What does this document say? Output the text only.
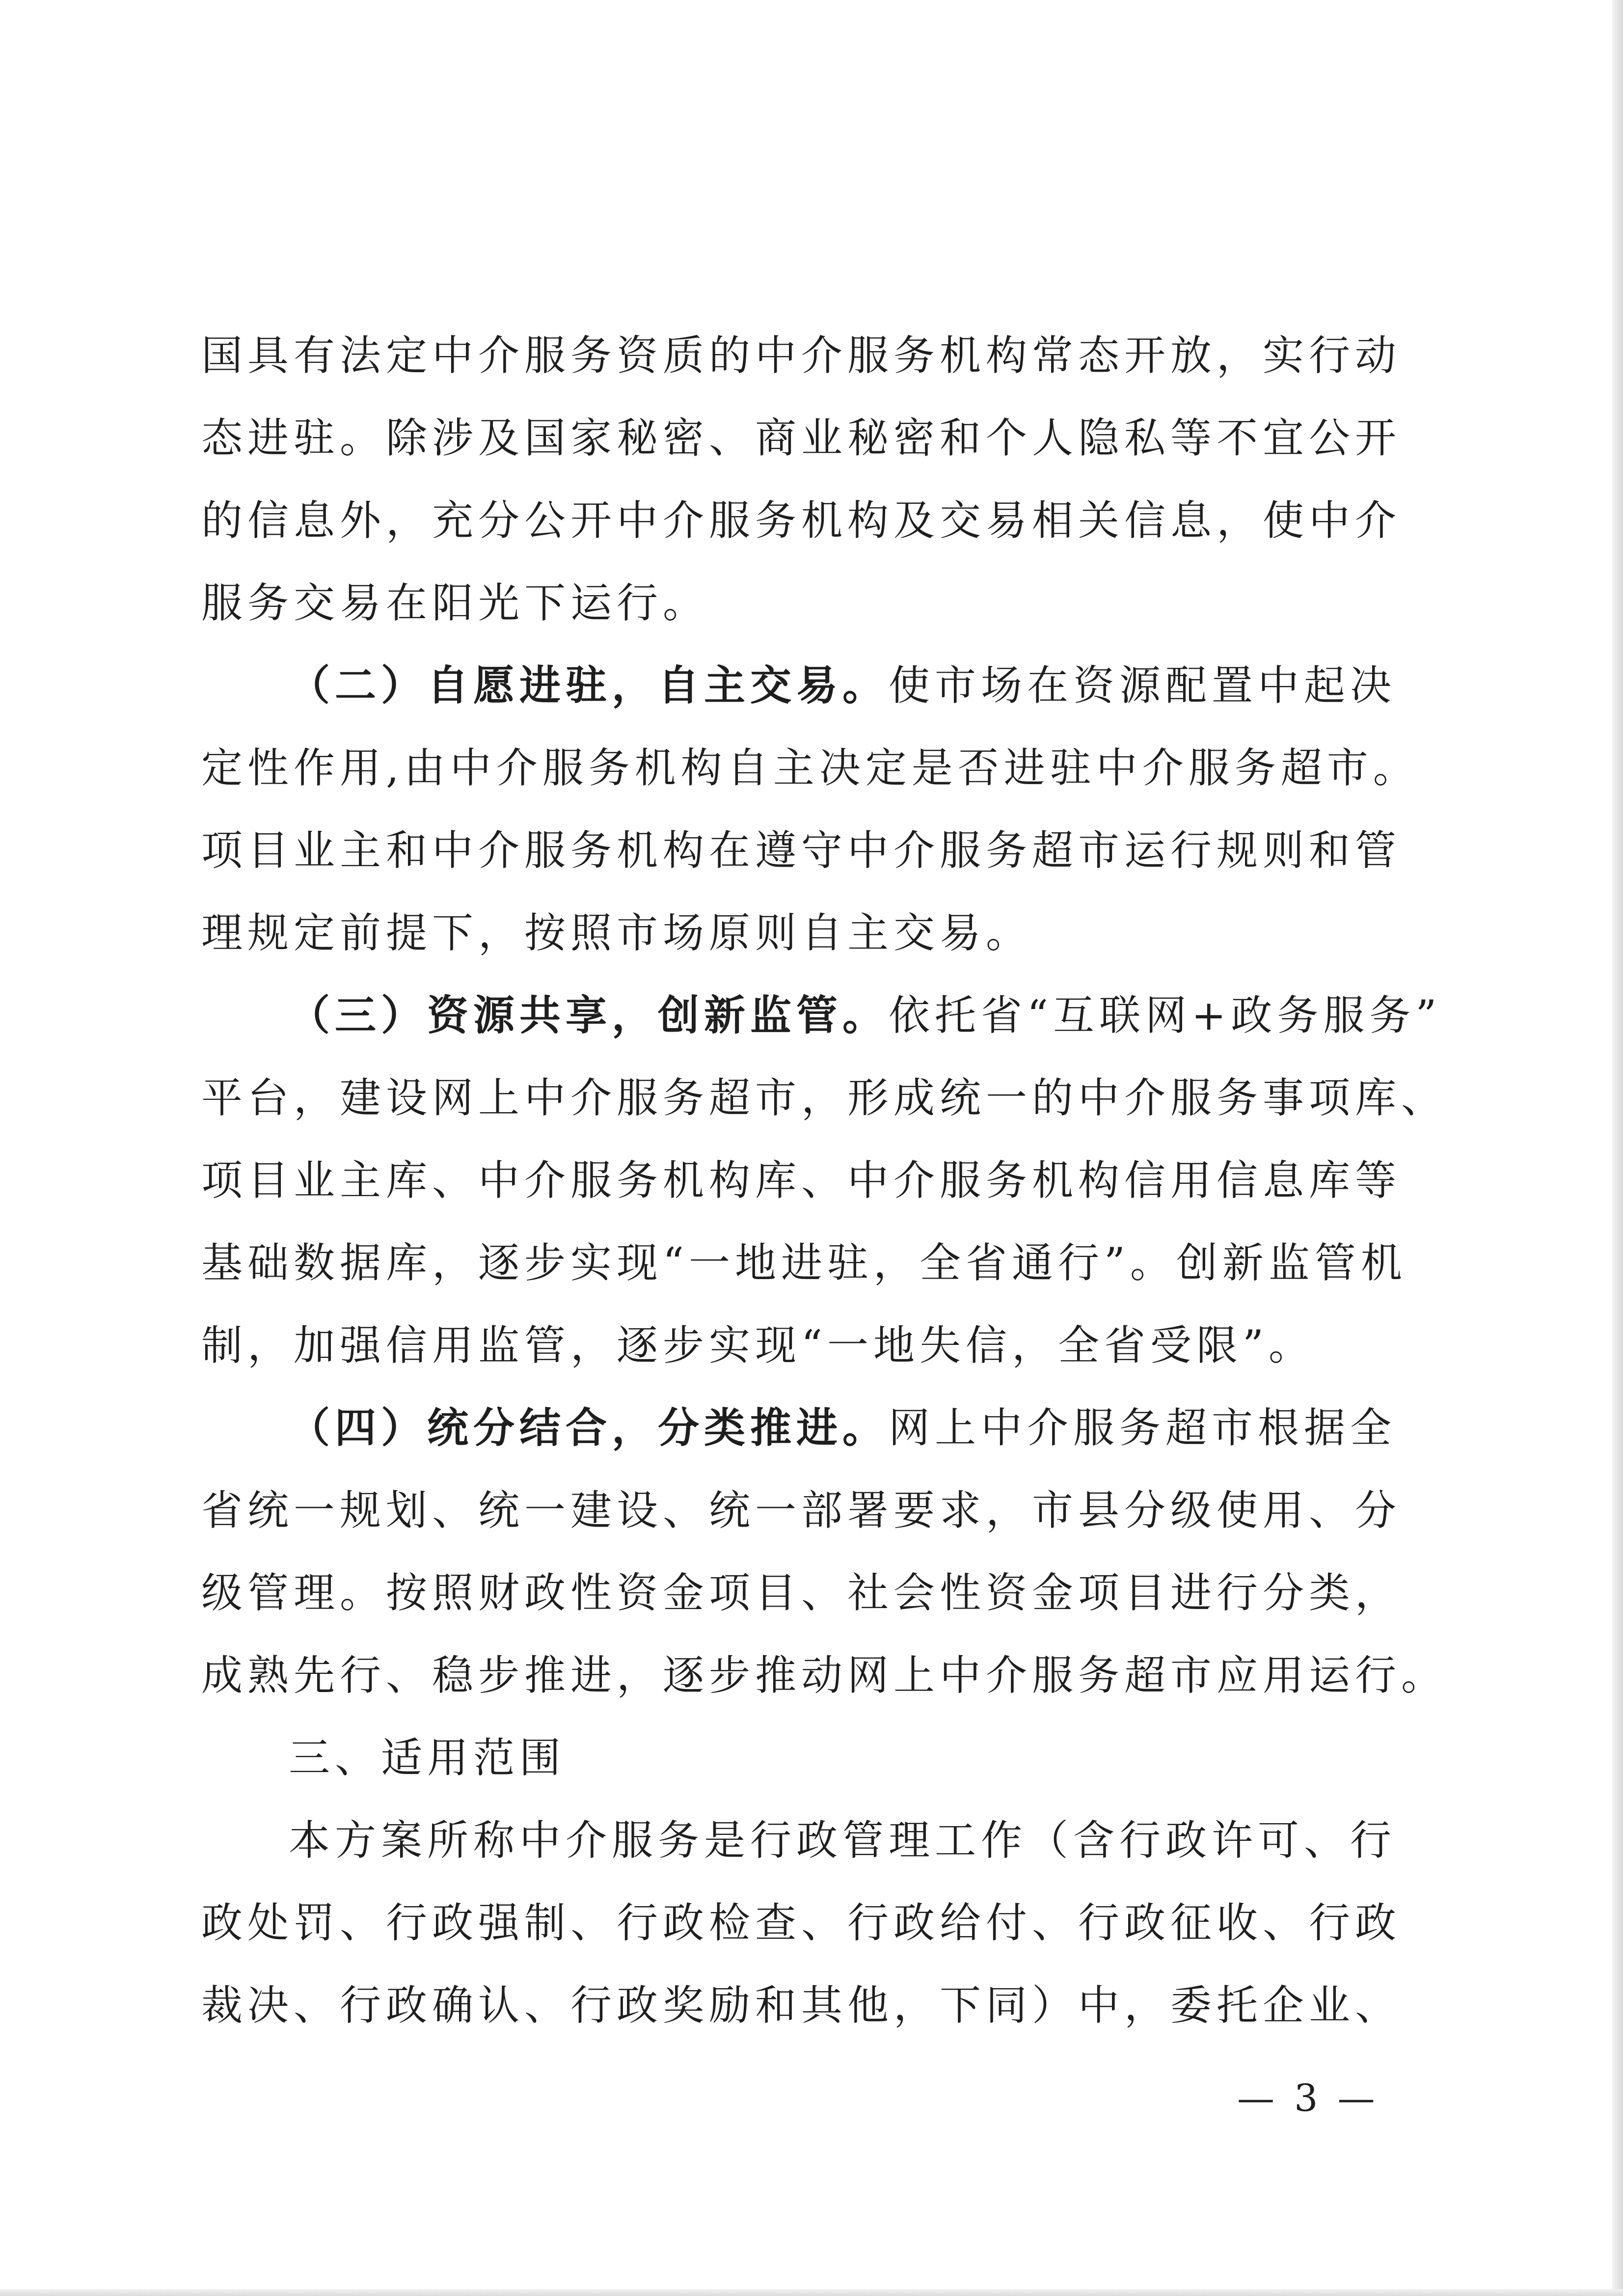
国具有法定中介服务资质的中介服务机构常态开放，实行动
态进驻。除涉及国家秘密、商业秘密和个人隐私等不宜公开
的信息外，充分公开中介服务机构及交易相关信息，使中介
服务交易在阳光下运行。

（二）自愿进驻，自主交易。使市场在资源配置中起决
定性作用,由中介服务机构自主决定是否进驻中介服务超市。
项目业主和中介服务机构在遵守中介服务超市运行规则和管
理规定前提下，按照市场原则自主交易。

（三）资源共享，创新监管。依托省“互联网+政务服务”
平台，建设网上中介服务超市，形成统一的中介服务事项库、
项目业主库、中介服务机构库、中介服务机构信用信息库等
基础数据库，逐步实现“一地进驻，全省通行”。创新监管机
制，加强信用监管，逐步实现“一地失信，全省受限”。

（四）统分结合，分类推进。网上中介服务超市根据全
省统一规划、统一建设、统一部署要求，市县分级使用、分
级管理。按照财政性资金项目、社会性资金项目进行分类，
成熟先行、稳步推进，逐步推动网上中介服务超市应用运行。

三、适用范围

本方案所称中介服务是行政管理工作（含行政许可、行
政处罚、行政强制、行政检查、行政给付、行政征收、行政
裁决、行政确认、行政奖励和其他，下同）中，委托企业、

— 3 —
